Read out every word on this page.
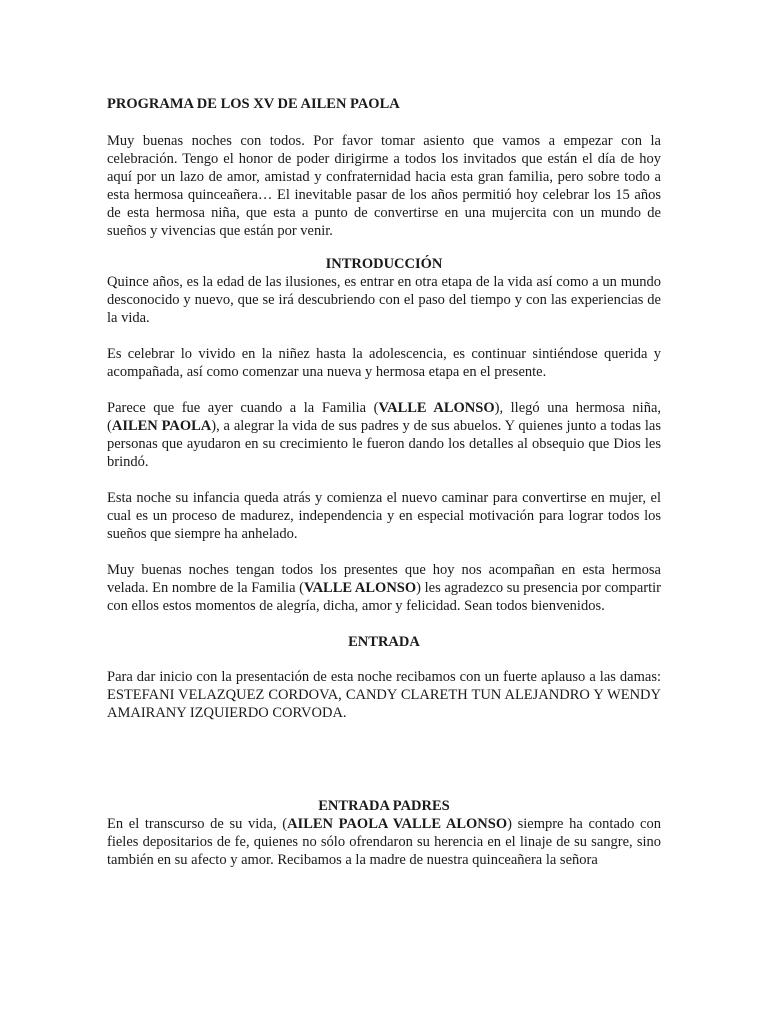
PROGRAMA DE LOS XV DE AILEN PAOLA

Muy buenas noches con todos. Por favor tomar asiento que vamos a empezar con la celebración. Tengo el honor de poder dirigirme a todos los invitados que están el día de hoy aquí por un lazo de amor, amistad y confraternidad hacia esta gran familia, pero sobre todo a esta hermosa quinceañera… El inevitable pasar de los años permitió hoy celebrar los 15 años de esta hermosa niña, que esta a punto de convertirse en una mujercita con un mundo de sueños y vivencias que están por venir.

INTRODUCCIÓN

Quince años, es la edad de las ilusiones, es entrar en otra etapa de la vida así como a un mundo desconocido y nuevo, que se irá descubriendo con el paso del tiempo y con las experiencias de la vida.

Es celebrar lo vivido en la niñez hasta la adolescencia, es continuar sintiéndose querida y acompañada, así como comenzar una nueva y hermosa etapa en el presente.

Parece que fue ayer cuando a la Familia (VALLE ALONSO), llegó una hermosa niña, (AILEN PAOLA), a alegrar la vida de sus padres y de sus abuelos. Y quienes junto a todas las personas que ayudaron en su crecimiento le fueron dando los detalles al obsequio que Dios les brindó.

Esta noche su infancia queda atrás y comienza el nuevo caminar para convertirse en mujer, el cual es un proceso de madurez, independencia y en especial motivación para lograr todos los sueños que siempre ha anhelado.

Muy buenas noches tengan todos los presentes que hoy nos acompañan en esta hermosa velada. En nombre de la Familia (VALLE ALONSO) les agradezco su presencia por compartir con ellos estos momentos de alegría, dicha, amor y felicidad. Sean todos bienvenidos.

ENTRADA

Para dar inicio con la presentación de esta noche recibamos con un fuerte aplauso a las damas: ESTEFANI VELAZQUEZ CORDOVA, CANDY CLARETH TUN ALEJANDRO Y WENDY AMAIRANY IZQUIERDO CORVODA.

ENTRADA PADRES

En el transcurso de su vida, (AILEN PAOLA VALLE ALONSO) siempre ha contado con fieles depositarios de fe, quienes no sólo ofrendaron su herencia en el linaje de su sangre, sino también en su afecto y amor. Recibamos a la madre de nuestra quinceañera la señora
